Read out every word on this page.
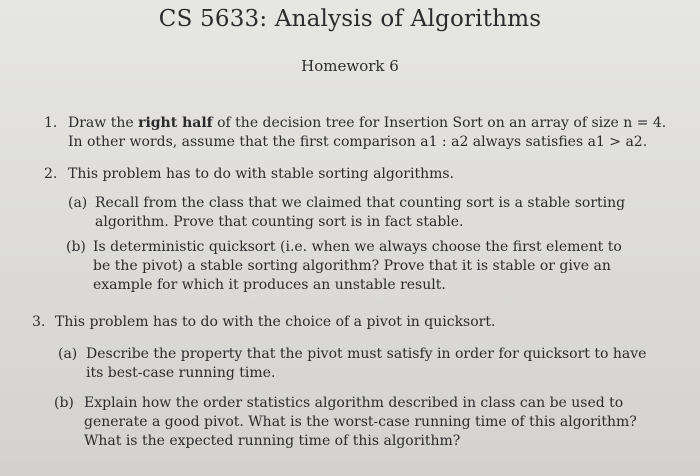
CS 5633: Analysis of Algorithms
Homework 6
1. Draw the right half of the decision tree for Insertion Sort on an array of size n = 4.
In other words, assume that the first comparison a1 : a2 always satisfies a1 > a2.
2. This problem has to do with stable sorting algorithms.
(a) Recall from the class that we claimed that counting sort is a stable sorting
algorithm. Prove that counting sort is in fact stable.
(b) Is deterministic quicksort (i.e. when we always choose the first element to
be the pivot) a stable sorting algorithm? Prove that it is stable or give an
example for which it produces an unstable result.
3. This problem has to do with the choice of a pivot in quicksort.
(a) Describe the property that the pivot must satisfy in order for quicksort to have
its best-case running time.
(b) Explain how the order statistics algorithm described in class can be used to
generate a good pivot. What is the worst-case running time of this algorithm?
What is the expected running time of this algorithm?
